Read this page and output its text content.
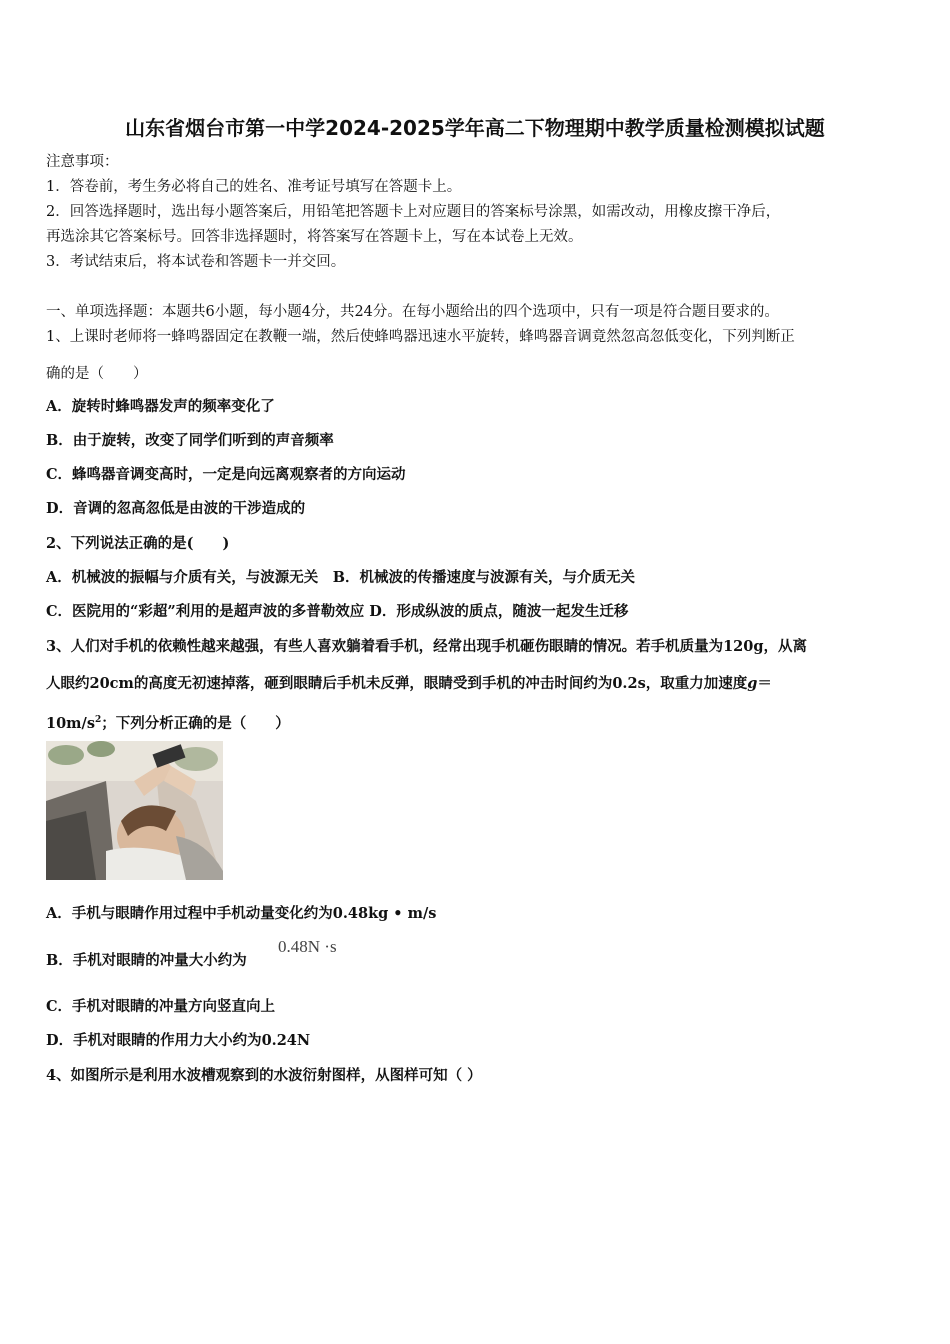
山东省烟台市第一中学2024-2025学年高二下物理期中教学质量检测模拟试题
注意事项：
1．答卷前，考生务必将自己的姓名、准考证号填写在答题卡上。
2．回答选择题时，选出每小题答案后，用铅笔把答题卡上对应题目的答案标号涂黑，如需改动，用橡皮擦干净后，
再选涂其它答案标号。回答非选择题时，将答案写在答题卡上，写在本试卷上无效。
3．考试结束后，将本试卷和答题卡一并交回。
一、单项选择题：本题共6小题，每小题4分，共24分。在每小题给出的四个选项中，只有一项是符合题目要求的。
1、上课时老师将一蜂鸣器固定在教鞭一端，然后使蜂鸣器迅速水平旋转，蜂鸣器音调竟然忽高忽低变化，下列判断正
确的是（　　）
A．旋转时蜂鸣器发声的频率变化了
B．由于旋转，改变了同学们听到的声音频率
C．蜂鸣器音调变高时，一定是向远离观察者的方向运动
D．音调的忽高忽低是由波的干涉造成的
2、下列说法正确的是(　　)
A．机械波的振幅与介质有关，与波源无关　B．机械波的传播速度与波源有关，与介质无关
C．医院用的“彩超”利用的是超声波的多普勒效应 D．形成纵波的质点，随波一起发生迁移
3、人们对手机的依赖性越来越强，有些人喜欢躺着看手机，经常出现手机砸伤眼睛的情况。若手机质量为120g，从离
人眼约20cm的高度无初速掉落，砸到眼睛后手机未反弹，眼睛受到手机的冲击时间约为0.2s，取重力加速度g＝
$10m/s^2$；下列分析正确的是（　　）
A．手机与眼睛作用过程中手机动量变化约为0.48kg • m/s
B．手机对眼睛的冲量大小约为
0.48N ·s
C．手机对眼睛的冲量方向竖直向上
D．手机对眼睛的作用力大小约为0.24N
4、如图所示是利用水波槽观察到的水波衍射图样，从图样可知（ ）
